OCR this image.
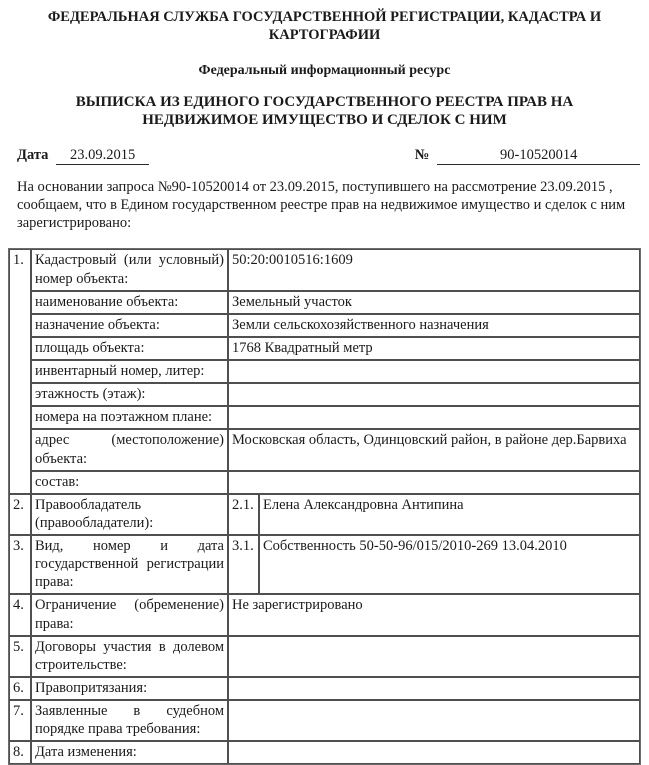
ФЕДЕРАЛЬНАЯ СЛУЖБА ГОСУДАРСТВЕННОЙ РЕГИСТРАЦИИ, КАДАСТРА И КАРТОГРАФИИ
Федеральный информационный ресурс
ВЫПИСКА ИЗ ЕДИНОГО ГОСУДАРСТВЕННОГО РЕЕСТРА ПРАВ НА НЕДВИЖИМОЕ ИМУЩЕСТВО И СДЕЛОК С НИМ
Дата	23.09.2015	№	90-10520014
На основании запроса №90-10520014 от 23.09.2015, поступившего на рассмотрение 23.09.2015 , сообщаем, что в Едином государственном реестре прав на недвижимое имущество и сделок с ним зарегистрировано:
1.	Кадастровый (или условный) номер объекта:	50:20:0010516:1609	
	наименование объекта:	Земельный участок	
	назначение объекта:	Земли сельскохозяйственного назначения	
	площадь объекта:	1768 Квадратный метр	
	инвентарный номер, литер:		
	этажность (этаж):		
	номера на поэтажном плане:		
	адрес (местоположение) объекта:	Московская область, Одинцовский район, в районе дер.Барвиха	
	состав:		
2.	Правообладатель (правообладатели):	2.1.	Елена Александровна Антипина
3.	Вид, номер и дата государственной регистрации права:	3.1.	Собственность 50-50-96/015/2010-269 13.04.2010
4.	Ограничение (обременение) права:	Не зарегистрировано	
5.	Договоры участия в долевом строительстве:		
6.	Правопритязания:		
7.	Заявленные в судебном порядке права требования:		
8.	Дата изменения:		
